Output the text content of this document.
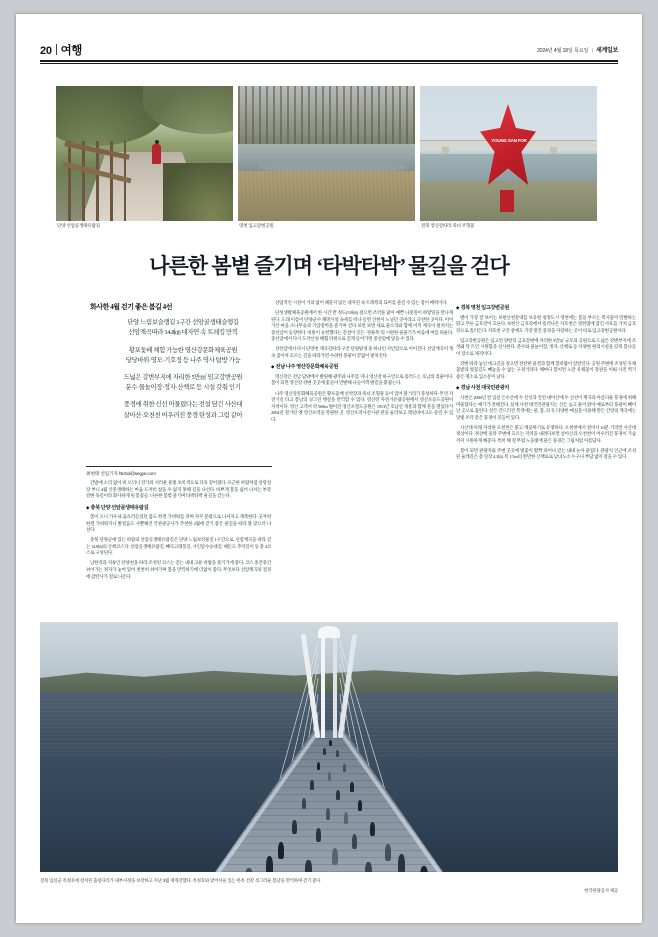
20 여행	2024년 4월 18일 목요일 | 세계일보
YOUNG SAN FOR
단양 선암골생태유람길	영천 임고강변공원	전북 영산강따라 죽녀 조형물
나른한 봄볕 즐기며 ‘타박타박’ 물길을 걷다
화사한 4월 걷기 좋은 봄길 4선
단양 느림보슬랭길 1구간 선암골생태슬랭길
선암계곡따라 14.8㎞ 대자연 속 트레킹 만끽
황포돛배 체험 가능한 영산강문화체육공원
당당바위·영모·기호정 등 나주 역사 탐방 가능
드넓은 강변부지에 자리한 5만㎡ 임고강변공원
분수·물놀이장·정자·산책로 등 시설 갖춰 인기
풍경에 취한 신선 머물렀다는 전설 담긴 사산대
살아산·오천천 어우러진 풍경 탄성과 그림 같아
최현태 선임기자 htchoi@segye.com

간밤에 소리 없이 비 오더니 강가의 서러운 물빛 초록색으로 더욱 짙어졌다. 포근한 바람처럼 살랑살랑 부니 4월 산중생태하는 마음 도저히 참을 수 없지 못해 길을 나선다. 바쁘게 봄을 싫어 나서는 부분 강변 독길이라 화사하게 핀 봄꽃들. 나른한 봄볕 즐기며 타박타박 물길을 걷는다.

◆ 충북 단양 선암골생태유람길

봄이 오니 가우내 움츠러들었던 몸도 한결 가벼워를 펴며 자꾸 문밖으로 나서자고 재촉한다. 굿자락 한결 가벼워지니 발걸음도 사뿐해진 국관광공사가 추천한 4월에 걷기 좋은 물길을 따라 볼 맞으러 나선다.

충북 단양군에 있는 바람의 선암골생태유람길은 단양 느림보강물길 1구간으로, 선암계곡을 따라 걷는 14.8㎞의 산책코스다. 선암골생태유람길, 빼곡고래봉길, 사인암수승대길, 떼돈도 추억길이 등 총 4코스로 구성된다.

남한강과 지류인 단양천을 따라 조성된 코스는 걷는 내내 고운 바람을 즐기기에 좋다. 코스 중간중간 쉬어가는 정자가 놓여 있어 천천히 쉬어가며 봄을 만끽하기에 더없이 좋다. 무엇보다 선암계곡의 절경에 감탄사가 절로 나온다.

상업적인 시설이 거의 없어 때묻지 않은 대자연 속 트레킹의 묘미를 즐길 수 있는 점이 매력이다.

단성생활체육공원에서 한 시간 반 정도(5.9㎞) 걸으면 조약돌 닮아 예쁜 나뭇잎이 하얗잎을 만나게 된다. 도래 이름이 단양군수 채망시설 속세를 떠나 들면 산천이 노닐던 곳이라고 극찬한 곳이다. 이어 가산 마을 소나무숲과 기암절벽을 즐기며 걷다 보면 보면 새로 물소리와 함께 이끼 계곡이 펼쳐지는 중선암이 등장한다. 비룡이 승천했다는 전설이 깃든 ‘경류폭’의 시원한 물줄기가 마음에 여름 띄운다. 중선암에서 다시 도착산성 해협 뒤편으로 길게 들어가면 중선암에 닿을 수 있다.

상선암에서 다시 단양천 계곡길따라 구간 단양팔경 중 하나인 사인암으로 이어진다. 선암계곡이 계속 굽이쳐 흐르는 길을 따라가면 수려한 풍광이 끝없이 펼쳐진다.

◆ 전남 나주 영산강문화체육공원

영산강은 전남 담양에서 발원해 광주와 나주를 지나 영산강 하구언으로 흘러드는 호남의 젖줄이다. 봄이 되면 영산강 강변 곳곳에 꽃들이 만발해 나들이객 발길을 붙잡는다.

나주 영산강문화체육공원은 황포돛배 선착장과 죽녀 조형물 등이 있어 볼거리가 풍성하다. 무엇 자전거길 타고 봄날의 싱그런 햇살을 만끽할 수 있다. 영산강 자전거유람공원에서 영산포등도공원이 지척이다. 영산 고객서 약 500m 떨어진 영산포철도공원은 1913년 호남선 개통과 함께 문을 열었다가 2004년 철거된 옛 영산포역을 복원한 곳. 영산포역사전시관 관을 둘러보고 레일바이크도 즐길 수 있다.

◆ 경북 영천 임고강변공원

별이 가장 잘 보이는 보현산천문대를 보유한 청정도시 영천에는 봄을 부르는 복사꽃이 만발하는 맑고 푸른 금호강이 흐른다. 보현산 금호강에서 흘러나온 자호천은 영천댐에 잠긴 사호를 거쳐 금호강으로 흘러든다. 자호천 구간 중에도 기장 멋진 풍경을 자랑하는 곳이 바로 임고강변공원이다.

임고강변공원은 임고면 양항리 금호강변에 자리한 5만㎡ 규모의 공원으로 드넓은 강변부지에 조성돼 탁 트인 시원함을 선사한다. 분수와 물놀이장, 정자, 산책로 등 다양한 편의시설을 갖춰 봄나들이 장소로 제격이다.

강변 따라 놓인 데크길을 걸으면 잔잔한 물결과 함께 봄바람이 살랑인다. 공원 주변에 조성된 유채꽃밭과 벚꽃길도 빼놓을 수 없는 구경거리다. 해마다 봄이면 노란 유채꽃이 장관을 이뤄 사진 찍기 좋은 명소로 입소문이 났다.

◆ 경남 사천 대국민관광지

사천은 2000년 전 임실 은수산에 두 신선과 진연 대아산에 두 신선이 계곡과 아름다운 풍경에 취해 머물렀다는 얘기가 전해진다. 실제 사천 대국민관광지는 산은 높고 물이 맑아 예로부터 풍광이 빼어난 곳으로 꼽힌다. 살은 간드러진 복색에는 물, 봄, 피 듯 다양한 매실을 이용해 만든 간장의 계곡에는 달빛 조각 같은 풍경이 깃들어 있다.

사산대 아래 자리한 오천천은 맑고 깨끗하기로 유명하다. 오천천에서 걸어서 10분 거리면 사산대 정상이다. 정상에 올라 주변에 흐르는 지역을 내려다보면 살아산과 오천천이 어우러진 풍경이 가슴까지 시원하게 해준다. 특히 해 질 무렵 노을빛에 물든 풍경은 그림처럼 아름답다.

봄이 되면 관광지와 주변 곳곳에 벚꽃이 활짝 피어나 걷는 내내 눈이 즐겁다. 관광지 인근에 조성된 둘레길은 총 연장 4.3㎞, 폭 1.5m의 완만한 산책로로 남녀노소 누구나 부담 없이 걸을 수 있다.

전북 임실군 옥정호에 설치된 출렁다리가 내부사정을 보강하고 지난 3월 재개장했다. 옥정호와 맞어서울 있는 한옥 건강 성그러운 봄날을 만끽하며 걷기 좋다
한국관광공사 제공
